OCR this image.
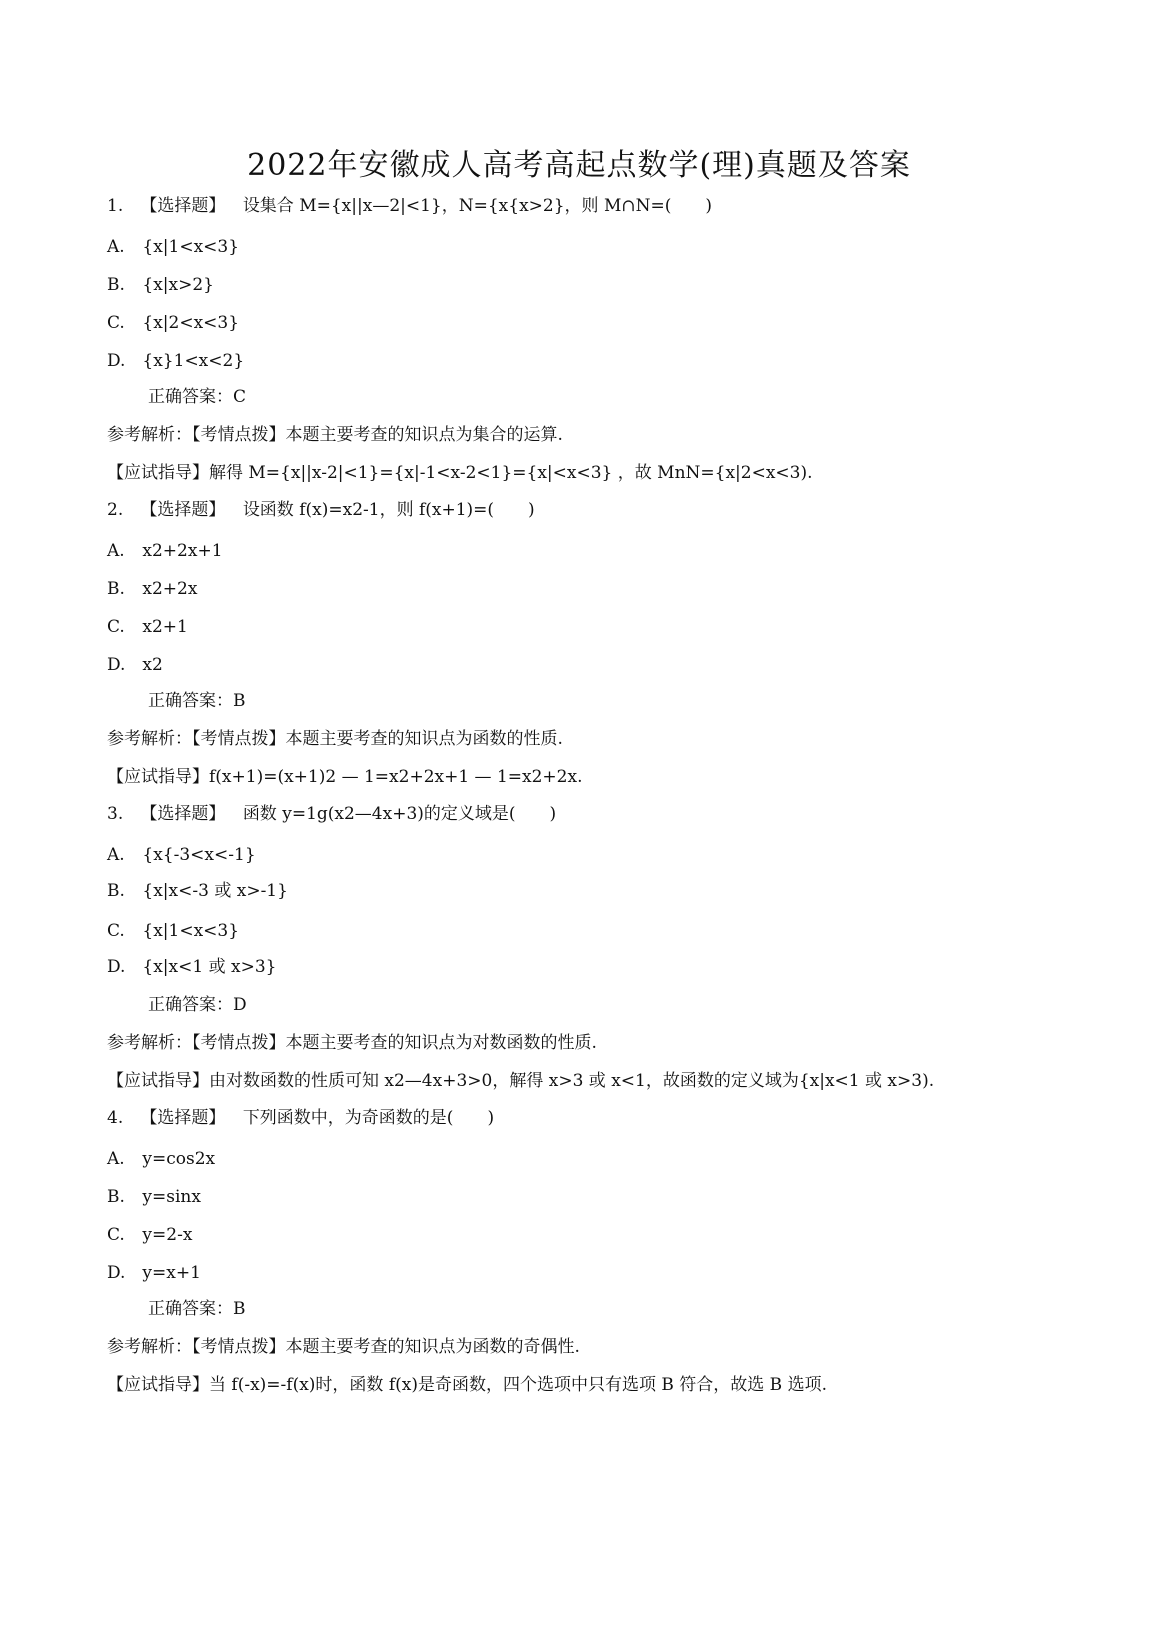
2022年安徽成人高考高起点数学(理)真题及答案
1. 【选择题】 设集合 M={x||x—2|<1}，N={x{x>2}，则 M∩N=(　　)
A. {x|1<x<3}
B. {x|x>2}
C. {x|2<x<3}
D. {x}1<x<2}
正确答案：C
参考解析：【考情点拨】本题主要考查的知识点为集合的运算.
【应试指导】解得 M={x||x-2|<1}={x|-1<x-2<1}={x|<x<3} ，故 MnN={x|2<x<3).
2. 【选择题】 设函数 f(x)=x2-1，则 f(x+1)=(　　)
A. x2+2x+1
B. x2+2x
C. x2+1
D. x2
正确答案：B
参考解析：【考情点拨】本题主要考查的知识点为函数的性质.
【应试指导】f(x+1)=(x+1)2 — 1=x2+2x+1 — 1=x2+2x.
3. 【选择题】 函数 y=1g(x2—4x+3)的定义域是(　　)
A. {x{-3<x<-1}
B. {x|x<-3 或 x>-1}
C. {x|1<x<3}
D. {x|x<1 或 x>3}
正确答案：D
参考解析：【考情点拨】本题主要考查的知识点为对数函数的性质.
【应试指导】由对数函数的性质可知 x2—4x+3>0，解得 x>3 或 x<1，故函数的定义域为{x|x<1 或 x>3).
4. 【选择题】 下列函数中，为奇函数的是(　　)
A. y=cos2x
B. y=sinx
C. y=2-x
D. y=x+1
正确答案：B
参考解析：【考情点拨】本题主要考查的知识点为函数的奇偶性.
【应试指导】当 f(-x)=-f(x)时，函数 f(x)是奇函数，四个选项中只有选项 B 符合，故选 B 选项.
